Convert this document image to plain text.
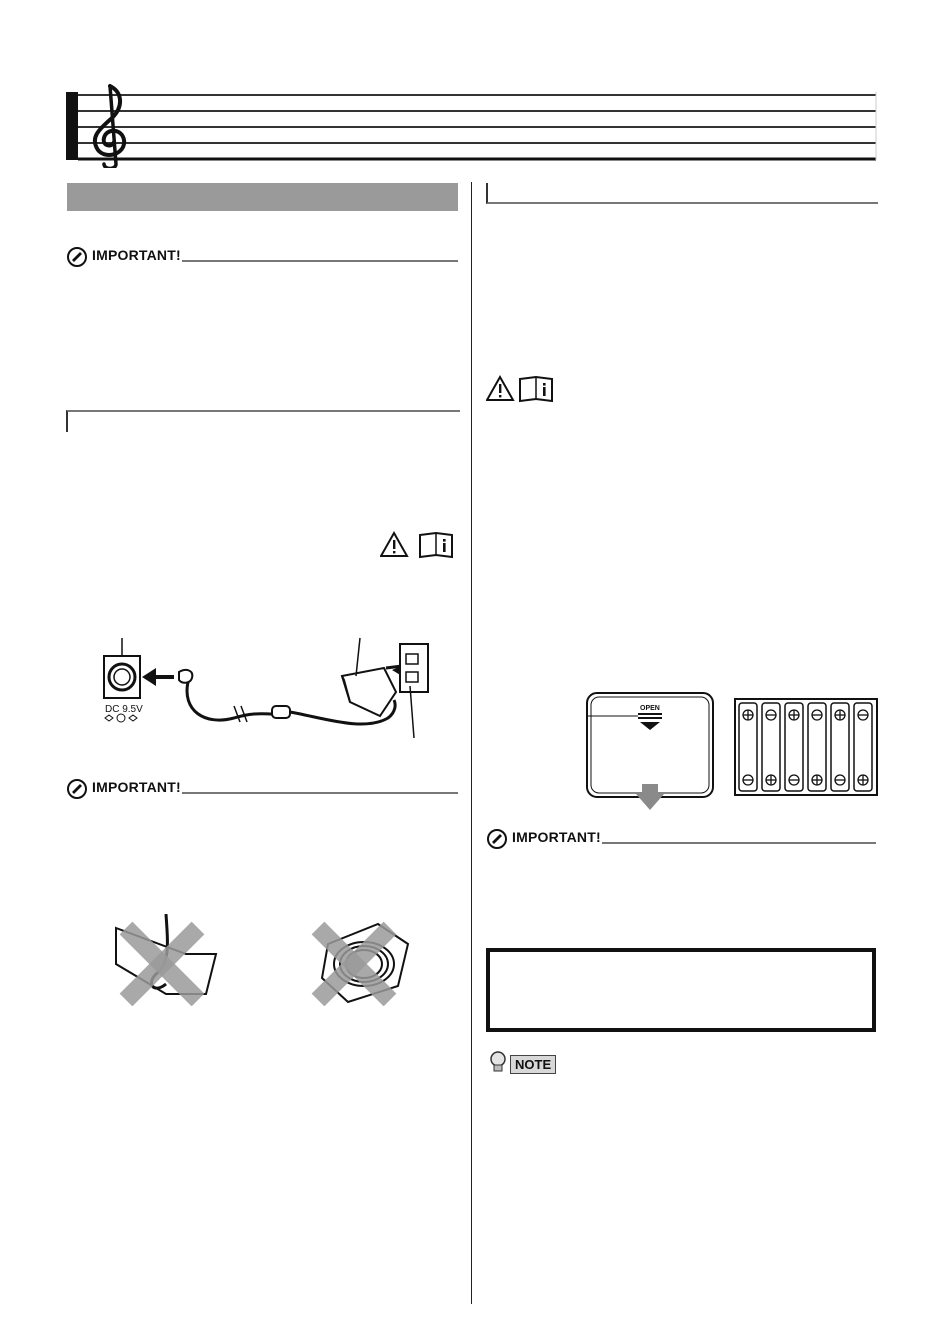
IMPORTANT!
DC 9.5V
IMPORTANT!
OPEN
IMPORTANT!
NOTE
